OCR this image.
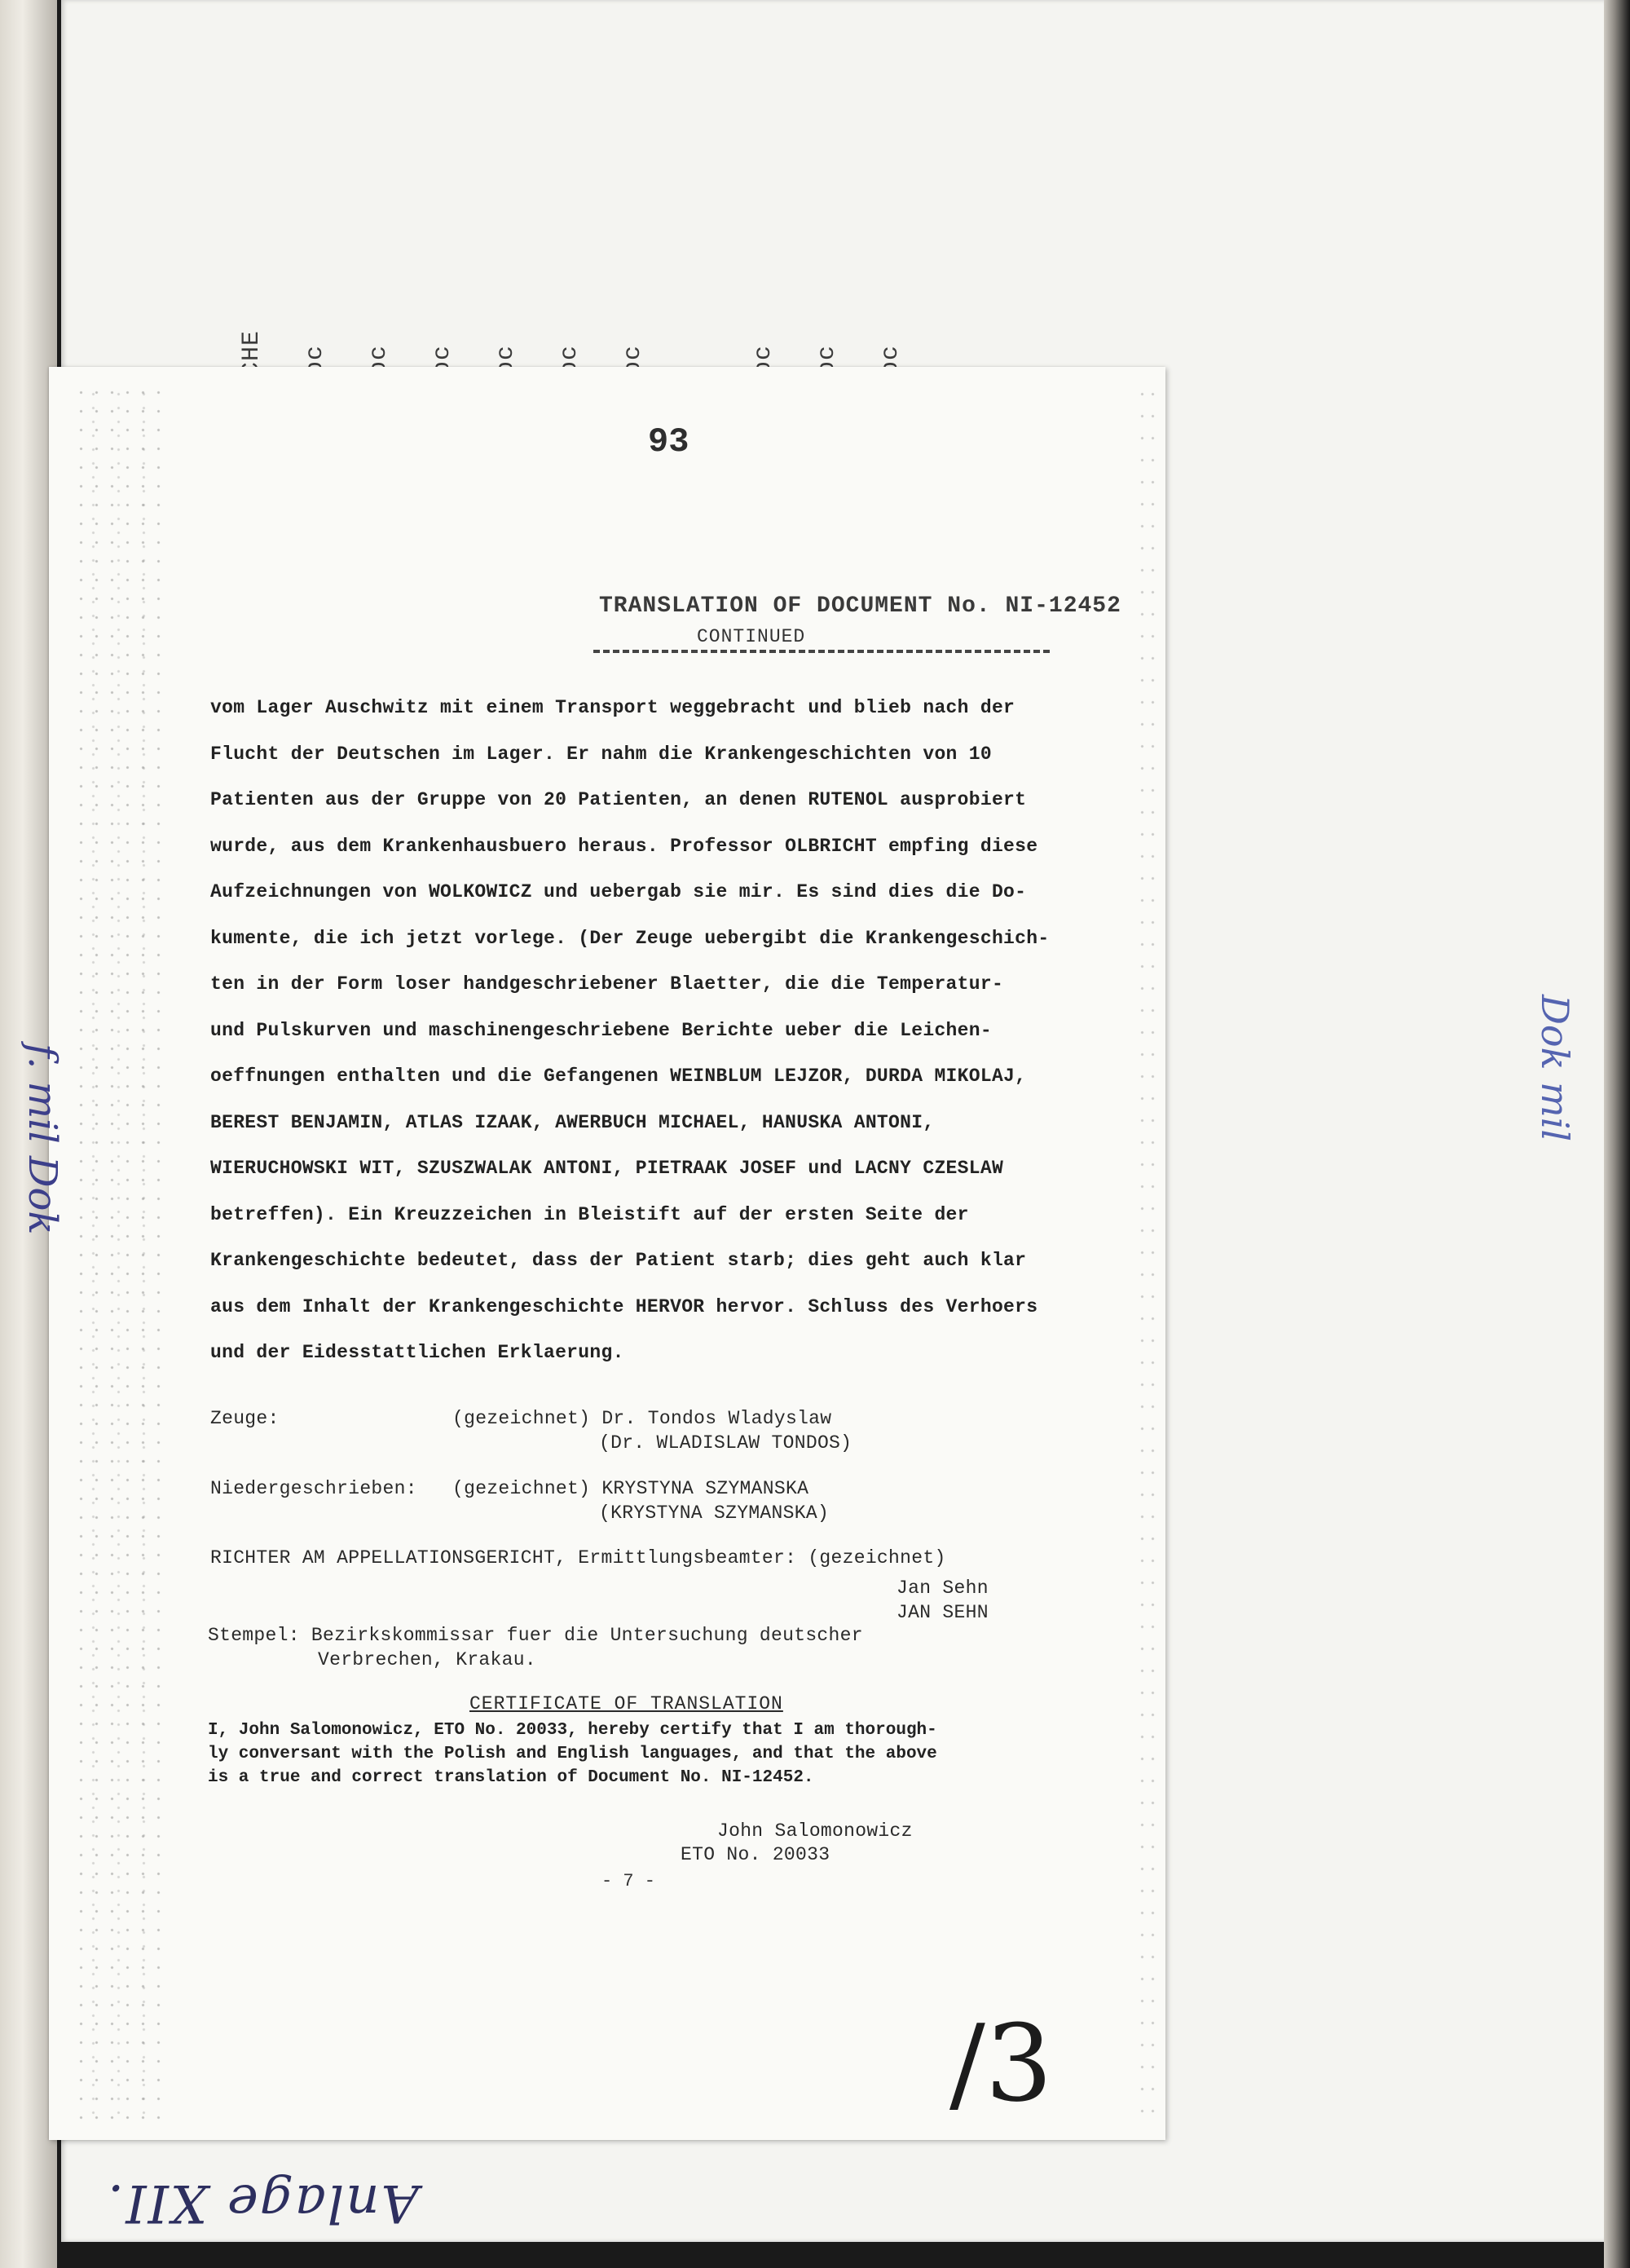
93
TRANSLATION OF DOCUMENT No. NI-12452
CONTINUED
vom Lager Auschwitz mit einem Transport weggebracht und blieb nach der
Flucht der Deutschen im Lager. Er nahm die Krankengeschichten von 10
Patienten aus der Gruppe von 20 Patienten, an denen RUTENOL ausprobiert
wurde, aus dem Krankenhausbuero heraus. Professor OLBRICHT empfing diese
Aufzeichnungen von WOLKOWICZ und uebergab sie mir. Es sind dies die Do-
kumente, die ich jetzt vorlege. (Der Zeuge uebergibt die Krankengeschich-
ten in der Form loser handgeschriebener Blaetter, die die Temperatur-
und Pulskurven und maschinengeschriebene Berichte ueber die Leichen-
oeffnungen enthalten und die Gefangenen WEINBLUM LEJZOR, DURDA MIKOLAJ,
BEREST BENJAMIN, ATLAS IZAAK, AWERBUCH MICHAEL, HANUSKA ANTONI,
WIERUCHOWSKI WIT, SZUSZWALAK ANTONI, PIETRAAK JOSEF und LACNY CZESLAW
betreffen). Ein Kreuzzeichen in Bleistift auf der ersten Seite der
Krankengeschichte bedeutet, dass der Patient starb; dies geht auch klar
aus dem Inhalt der Krankengeschichte HERVOR hervor. Schluss des Verhoers
und der Eidesstattlichen Erklaerung.
Zeuge:	(gezeichnet) Dr. Tondos Wladyslaw
(Dr. WLADISLAW TONDOS)
Niedergeschrieben: (gezeichnet) KRYSTYNA SZYMANSKA
(KRYSTYNA SZYMANSKA)
RICHTER AM APPELLATIONSGERICHT, Ermittlungsbeamter: (gezeichnet)
Jan Sehn
JAN SEHN
Stempel: Bezirkskommissar fuer die Untersuchung deutscher
Verbrechen, Krakau.
CERTIFICATE OF TRANSLATION
I, John Salomonowicz, ETO No. 20033, hereby certify that I am thorough-
ly conversant with the Polish and English languages, and that the above
is a true and correct translation of Document No. NI-12452.
John Salomonowicz
ETO No. 20033
- 7 -
f. mil Dok	Dok mil
Anlage XII.
/3
